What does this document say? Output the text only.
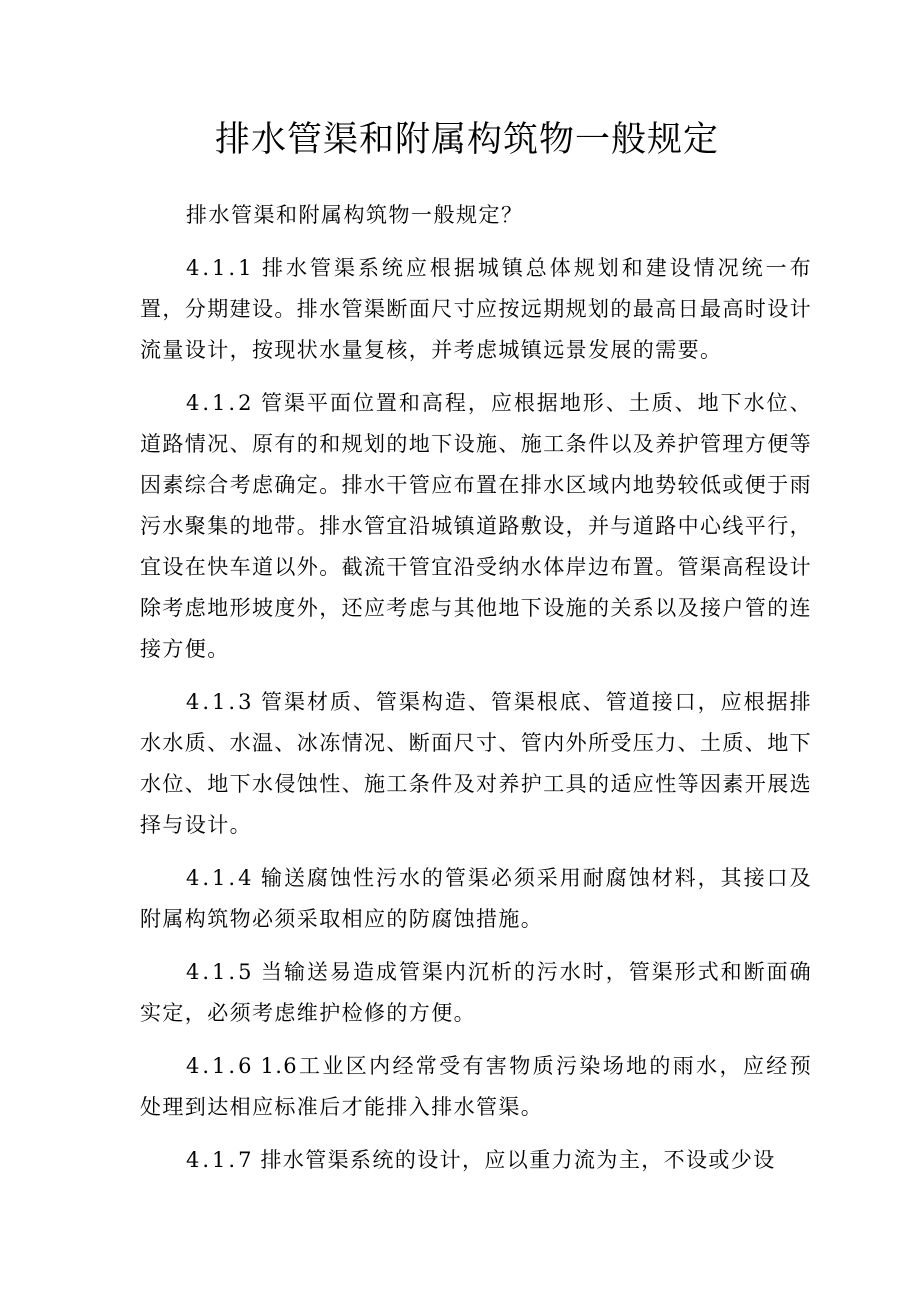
排水管渠和附属构筑物一般规定

排水管渠和附属构筑物一般规定？

4.1.1 排水管渠系统应根据城镇总体规划和建设情况统一布置，分期建设。排水管渠断面尺寸应按远期规划的最高日最高时设计流量设计，按现状水量复核，并考虑城镇远景发展的需要。

4.1.2 管渠平面位置和高程，应根据地形、土质、地下水位、道路情况、原有的和规划的地下设施、施工条件以及养护管理方便等因素综合考虑确定。排水干管应布置在排水区域内地势较低或便于雨污水聚集的地带。排水管宜沿城镇道路敷设，并与道路中心线平行，宜设在快车道以外。截流干管宜沿受纳水体岸边布置。管渠高程设计除考虑地形坡度外，还应考虑与其他地下设施的关系以及接户管的连接方便。

4.1.3 管渠材质、管渠构造、管渠根底、管道接口，应根据排水水质、水温、冰冻情况、断面尺寸、管内外所受压力、土质、地下水位、地下水侵蚀性、施工条件及对养护工具的适应性等因素开展选择与设计。

4.1.4 输送腐蚀性污水的管渠必须采用耐腐蚀材料，其接口及附属构筑物必须采取相应的防腐蚀措施。

4.1.5 当输送易造成管渠内沉析的污水时，管渠形式和断面确实定，必须考虑维护检修的方便。

4.1.6 1.6工业区内经常受有害物质污染场地的雨水，应经预处理到达相应标准后才能排入排水管渠。

4.1.7 排水管渠系统的设计，应以重力流为主，不设或少设
